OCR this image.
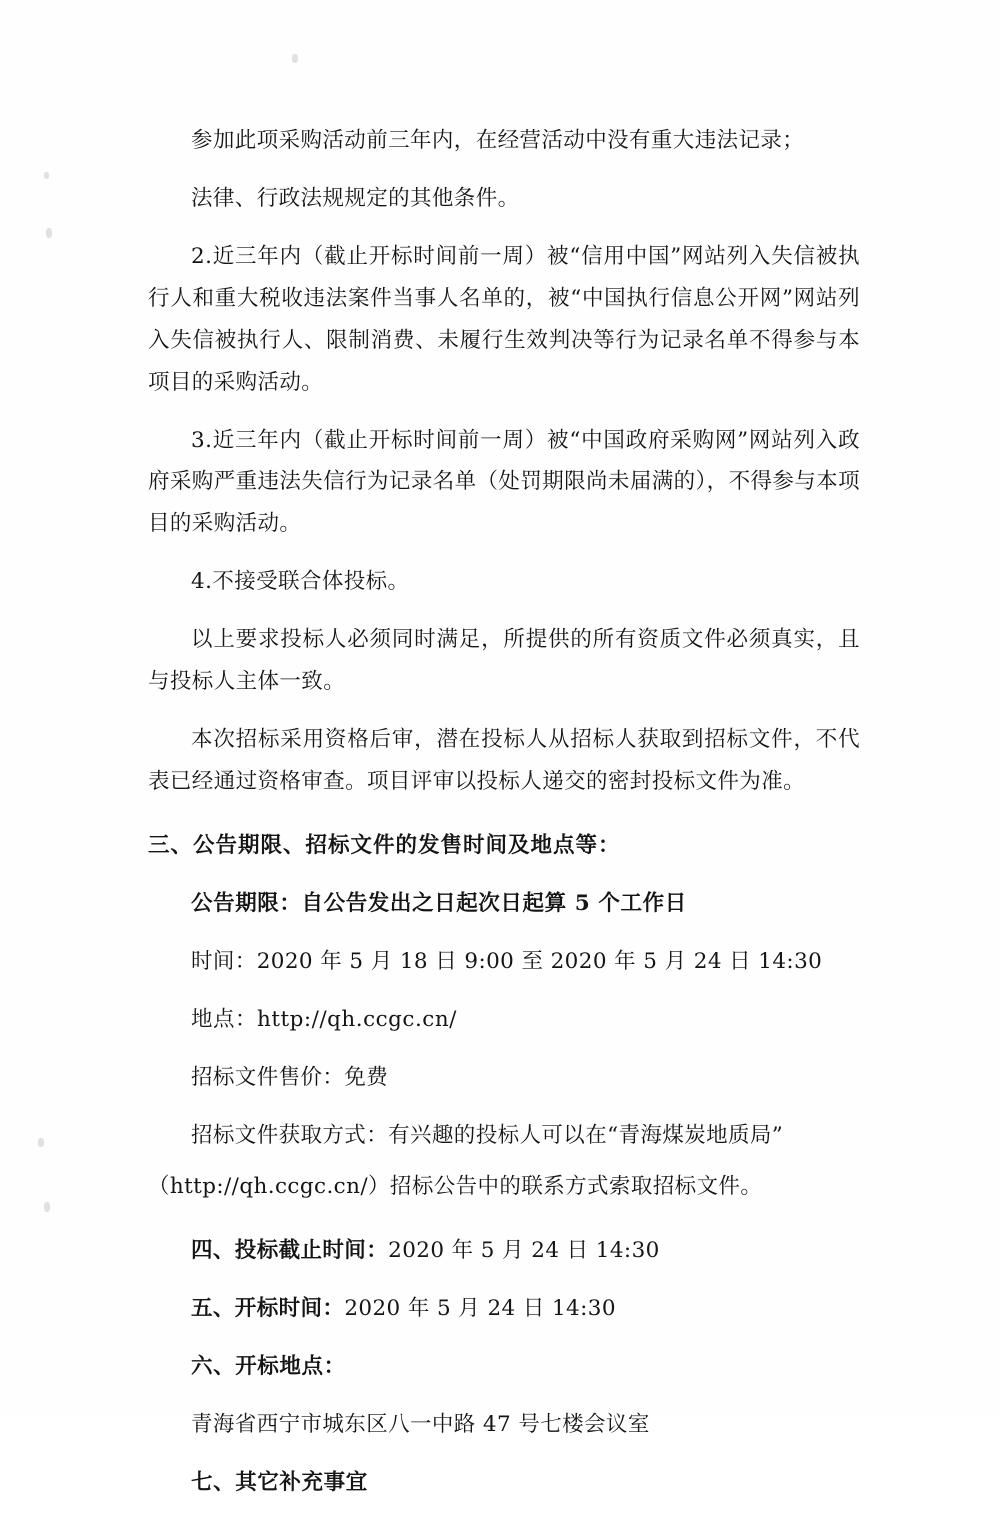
参加此项采购活动前三年内，在经营活动中没有重大违法记录；

法律、行政法规规定的其他条件。

2.近三年内（截止开标时间前一周）被“信用中国”网站列入失信被执行人和重大税收违法案件当事人名单的，被“中国执行信息公开网”网站列入失信被执行人、限制消费、未履行生效判决等行为记录名单不得参与本项目的采购活动。

3.近三年内（截止开标时间前一周）被“中国政府采购网”网站列入政府采购严重违法失信行为记录名单（处罚期限尚未届满的），不得参与本项目的采购活动。

4.不接受联合体投标。

以上要求投标人必须同时满足，所提供的所有资质文件必须真实，且与投标人主体一致。

本次招标采用资格后审，潜在投标人从招标人获取到招标文件，不代表已经通过资格审查。项目评审以投标人递交的密封投标文件为准。

三、公告期限、招标文件的发售时间及地点等：

公告期限：自公告发出之日起次日起算 5 个工作日

时间：2020 年 5 月 18 日 9:00 至 2020 年 5 月 24 日 14:30

地点：http://qh.ccgc.cn/

招标文件售价：免费

招标文件获取方式：有兴趣的投标人可以在“青海煤炭地质局”

（http://qh.ccgc.cn/）招标公告中的联系方式索取招标文件。

四、投标截止时间：2020 年 5 月 24 日 14:30

五、开标时间：2020 年 5 月 24 日 14:30

六、开标地点：

青海省西宁市城东区八一中路 47 号七楼会议室

七、其它补充事宜
